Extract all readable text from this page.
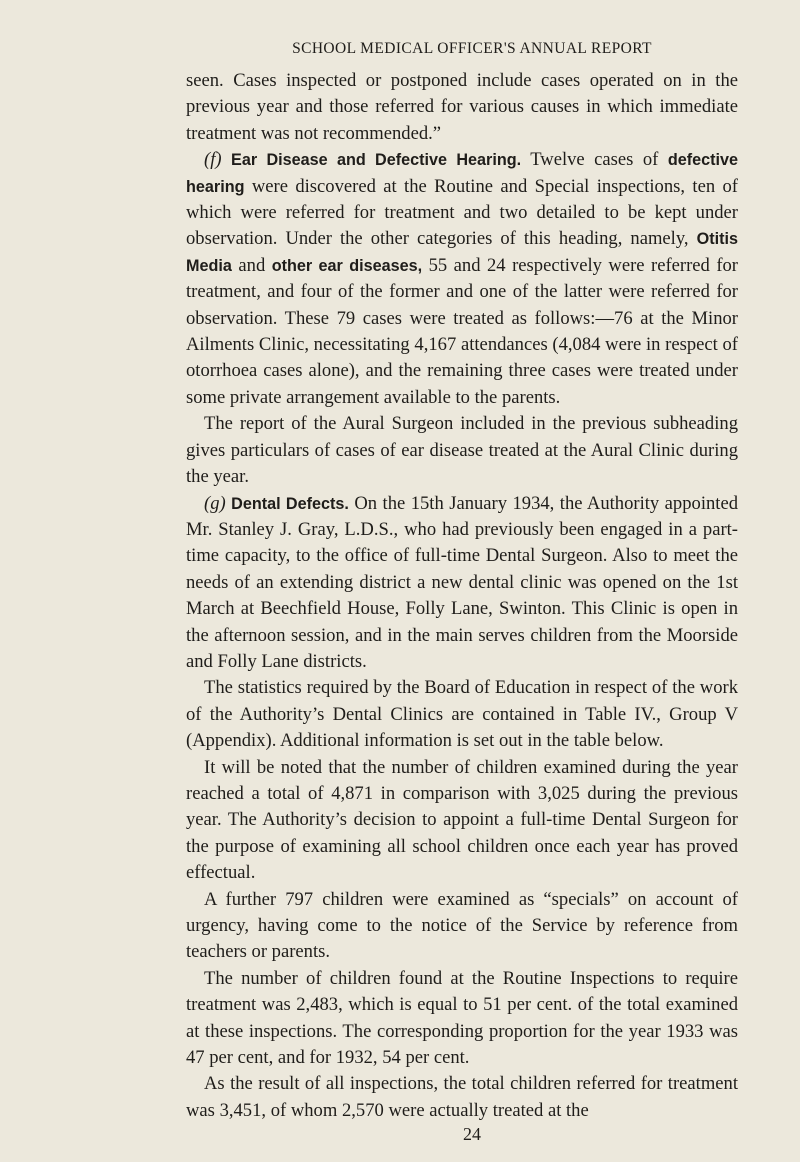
SCHOOL MEDICAL OFFICER'S ANNUAL REPORT

seen. Cases inspected or postponed include cases operated on in the previous year and those referred for various causes in which immediate treatment was not recommended.”

(f) Ear Disease and Defective Hearing. Twelve cases of defective hearing were discovered at the Routine and Special inspections, ten of which were referred for treatment and two detailed to be kept under observation. Under the other categories of this heading, namely, Otitis Media and other ear diseases, 55 and 24 respectively were referred for treatment, and four of the former and one of the latter were referred for observation. These 79 cases were treated as follows:—76 at the Minor Ailments Clinic, necessitating 4,167 attendances (4,084 were in respect of otorrhoea cases alone), and the remaining three cases were treated under some private arrangement available to the parents.

The report of the Aural Surgeon included in the previous subheading gives particulars of cases of ear disease treated at the Aural Clinic during the year.

(g) Dental Defects. On the 15th January 1934, the Authority appointed Mr. Stanley J. Gray, L.D.S., who had previously been engaged in a part-time capacity, to the office of full-time Dental Surgeon. Also to meet the needs of an extending district a new dental clinic was opened on the 1st March at Beechfield House, Folly Lane, Swinton. This Clinic is open in the afternoon session, and in the main serves children from the Moorside and Folly Lane districts.

The statistics required by the Board of Education in respect of the work of the Authority’s Dental Clinics are contained in Table IV., Group V (Appendix). Additional information is set out in the table below.

It will be noted that the number of children examined during the year reached a total of 4,871 in comparison with 3,025 during the previous year. The Authority’s decision to appoint a full-time Dental Surgeon for the purpose of examining all school children once each year has proved effectual.

A further 797 children were examined as “specials” on account of urgency, having come to the notice of the Service by reference from teachers or parents.

The number of children found at the Routine Inspections to require treatment was 2,483, which is equal to 51 per cent. of the total examined at these inspections. The corresponding proportion for the year 1933 was 47 per cent, and for 1932, 54 per cent.

As the result of all inspections, the total children referred for treatment was 3,451, of whom 2,570 were actually treated at the

24
